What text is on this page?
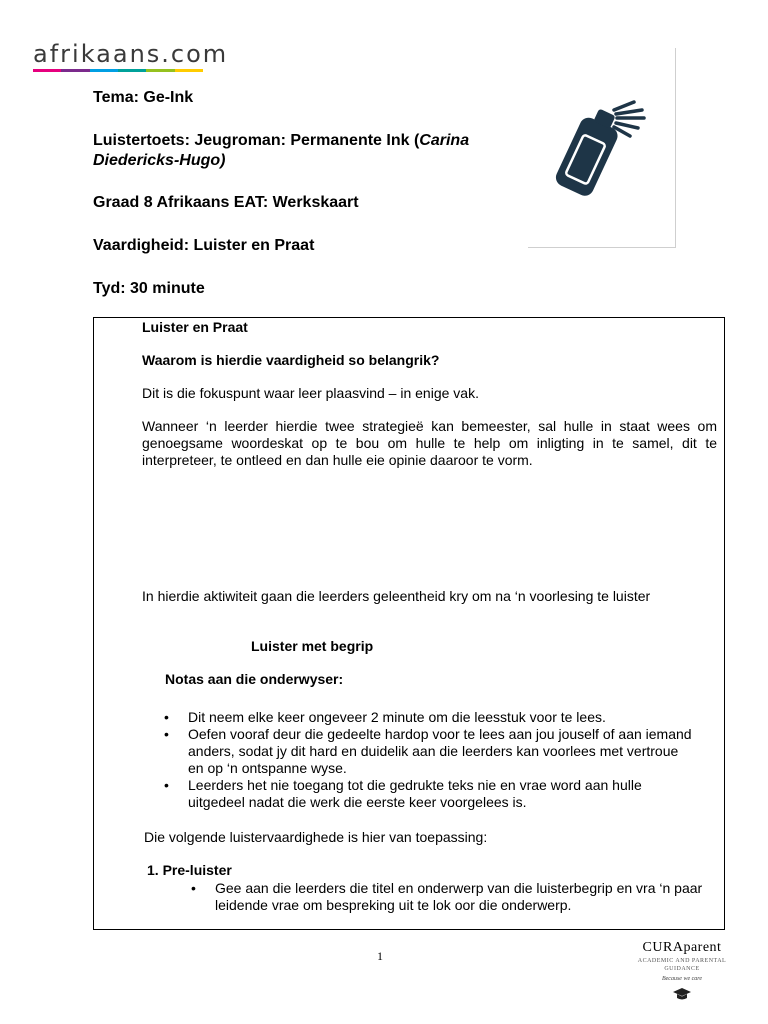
afrikaans.com
Tema: Ge-Ink
Luistertoets: Jeugroman: Permanente Ink (Carina Diedericks-Hugo)
Graad 8 Afrikaans EAT: Werkskaart
Vaardigheid: Luister en Praat
Tyd: 30 minute

Luister en Praat

Waarom is hierdie vaardigheid so belangrik?

Dit is die fokuspunt waar leer plaasvind – in enige vak.

Wanneer ‘n leerder hierdie twee strategieë kan bemeester, sal hulle in staat wees om genoegsame woordeskat op te bou om hulle te help om inligting in te samel, dit te interpreteer, te ontleed en dan hulle eie opinie daaroor te vorm.

In hierdie aktiwiteit gaan die leerders geleentheid kry om na ‘n voorlesing te luister

Luister met begrip

Notas aan die onderwyser:

•	Dit neem elke keer ongeveer 2 minute om die leesstuk voor te lees.
•	Oefen vooraf deur die gedeelte hardop voor te lees aan jou jouself of aan iemand anders, sodat jy dit hard en duidelik aan die leerders kan voorlees met vertroue en op ‘n ontspanne wyse.
•	Leerders het nie toegang tot die gedrukte teks nie en vrae word aan hulle uitgedeel nadat die werk die eerste keer voorgelees is.

Die volgende luistervaardighede is hier van toepassing:

1. Pre-luister

•	Gee aan die leerders die titel en onderwerp van die luisterbegrip en vra ‘n paar leidende vrae om bespreking uit te lok oor die onderwerp.
1
CURAparent
ACADEMIC AND PARENTAL GUIDANCE
Because we care
